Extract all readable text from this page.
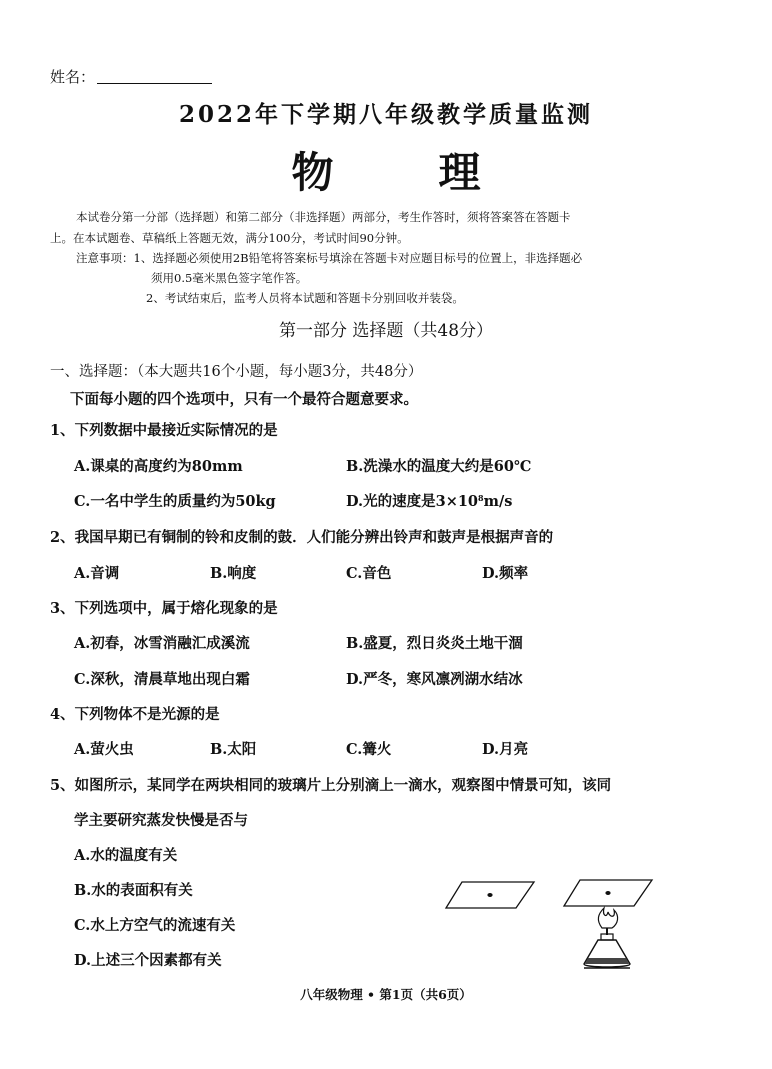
姓名：
2022年下学期八年级教学质量监测
物	理
本试卷分第一分部（选择题）和第二部分（非选择题）两部分，考生作答时，须将答案答在答题卡
上。在本试题卷、草稿纸上答题无效，满分100分，考试时间90分钟。
注意事项：1、选择题必须使用2B铅笔将答案标号填涂在答题卡对应题目标号的位置上，非选择题必
须用0.5毫米黑色签字笔作答。
2、考试结束后，监考人员将本试题和答题卡分别回收并装袋。
第一部分 选择题（共48分）
一、选择题：（本大题共16个小题，每小题3分，共48分）
下面每小题的四个选项中，只有一个最符合题意要求。
1、下列数据中最接近实际情况的是
A.课桌的高度约为80mm	B.洗澡水的温度大约是60℃
C.一名中学生的质量约为50kg	D.光的速度是$3\times 10^8m/s$
2、我国早期已有铜制的铃和皮制的鼓．人们能分辨出铃声和鼓声是根据声音的
A.音调	B.响度	C.音色	D.频率
3、下列选项中，属于熔化现象的是
A.初春，冰雪消融汇成溪流	B.盛夏，烈日炎炎土地干涸
C.深秋，清晨草地出现白霜	D.严冬，寒风凛冽湖水结冰
4、下列物体不是光源的是
A.萤火虫	B.太阳	C.篝火	D.月亮
5、如图所示，某同学在两块相同的玻璃片上分别滴上一滴水，观察图中情景可知，该同
学主要研究蒸发快慢是否与
A.水的温度有关
B.水的表面积有关
C.水上方空气的流速有关
D.上述三个因素都有关
八年级物理 • 第1页（共6页）
